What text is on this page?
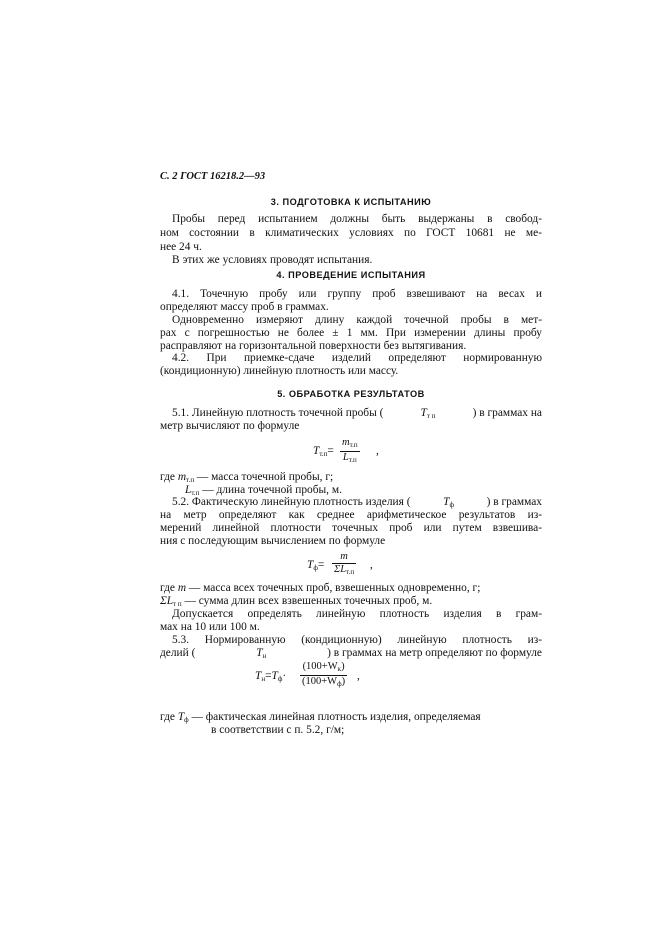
С. 2 ГОСТ 16218.2—93
3. ПОДГОТОВКА К ИСПЫТАНИЮ
Пробы перед испытанием должны быть выдержаны в свобод-
ном состоянии в климатических условиях по ГОСТ 10681 не ме-
нее 24 ч.
В этих же условиях проводят испытания.
4. ПРОВЕДЕНИЕ ИСПЫТАНИЯ
4.1. Точечную пробу или группу проб взвешивают на весах и
определяют массу проб в граммах.
Одновременно измеряют длину каждой точечной пробы в мет-
рах с погрешностью не более ± 1 мм. При измерении длины пробу
расправляют на горизонтальной поверхности без вытягивания.
4.2. При приемке-сдаче изделий определяют нормированную
(кондиционную) линейную плотность или массу.
5. ОБРАБОТКА РЕЗУЛЬТАТОВ
5.1. Линейную плотность точечной пробы (	$T_{т п}$	) в граммах на
метр вычисляют по формуле
$T_{т.п}=$
$m_{т.п}$
$L_{т.п}$
,
где $m_{т.п}$ — масса точечной пробы, г;
$L_{т.п}$ — длина точечной пробы, м.
5.2. Фактическую линейную плотность изделия (	$T_ф$	) в граммах
на метр определяют как среднее арифметическое результатов из-
мерений линейной плотности точечных проб или путем взвешива-
ния с последующим вычислением по формуле
$T_ф=$
m
$\Sigma L_{т.п}$
,
где m — масса всех точечных проб, взвешенных одновременно, г;
$\Sigma L_{т п}$ — сумма длин всех взвешенных точечных проб, м.
Допускается определять линейную плотность изделия в грам-
мах на 10 или 100 м.
5.3. Нормированную (кондиционную) линейную плотность из-
делий (	$T_н$	) в граммах на метр определяют по формуле
$T_н=T_ф\cdot$
$(100+W_к)$
$(100+W_ф)$ ,
где $T_ф$ — фактическая линейная плотность изделия, определяемая
в соответствии с п. 5.2, г/м;
